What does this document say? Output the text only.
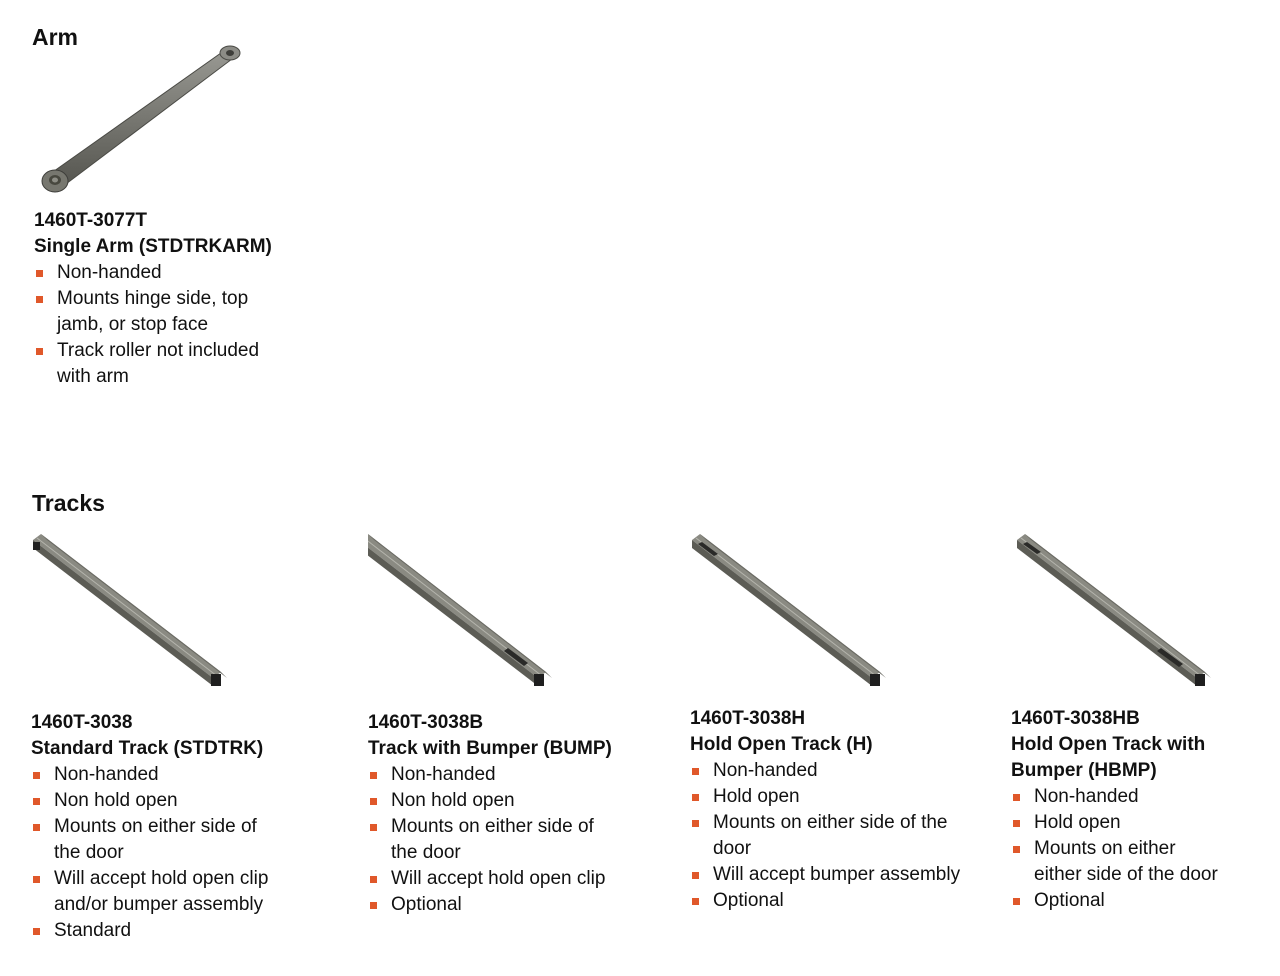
Arm
1460T-3077T
Single Arm (STDTRKARM)
Non-handed
Mounts hinge side, top jamb, or stop face
Track roller not included with arm
Tracks
1460T-3038
Standard Track (STDTRK)
Non-handed
Non hold open
Mounts on either side of the door
Will accept hold open clip and/or bumper assembly
Standard
1460T-3038B
Track with Bumper (BUMP)
Non-handed
Non hold open
Mounts on either side of the door
Will accept hold open clip
Optional
1460T-3038H
Hold Open Track (H)
Non-handed
Hold open
Mounts on either side of the door
Will accept bumper assembly
Optional
1460T-3038HB
Hold Open Track with Bumper (HBMP)
Non-handed
Hold open
Mounts on either either side of the door
Optional
